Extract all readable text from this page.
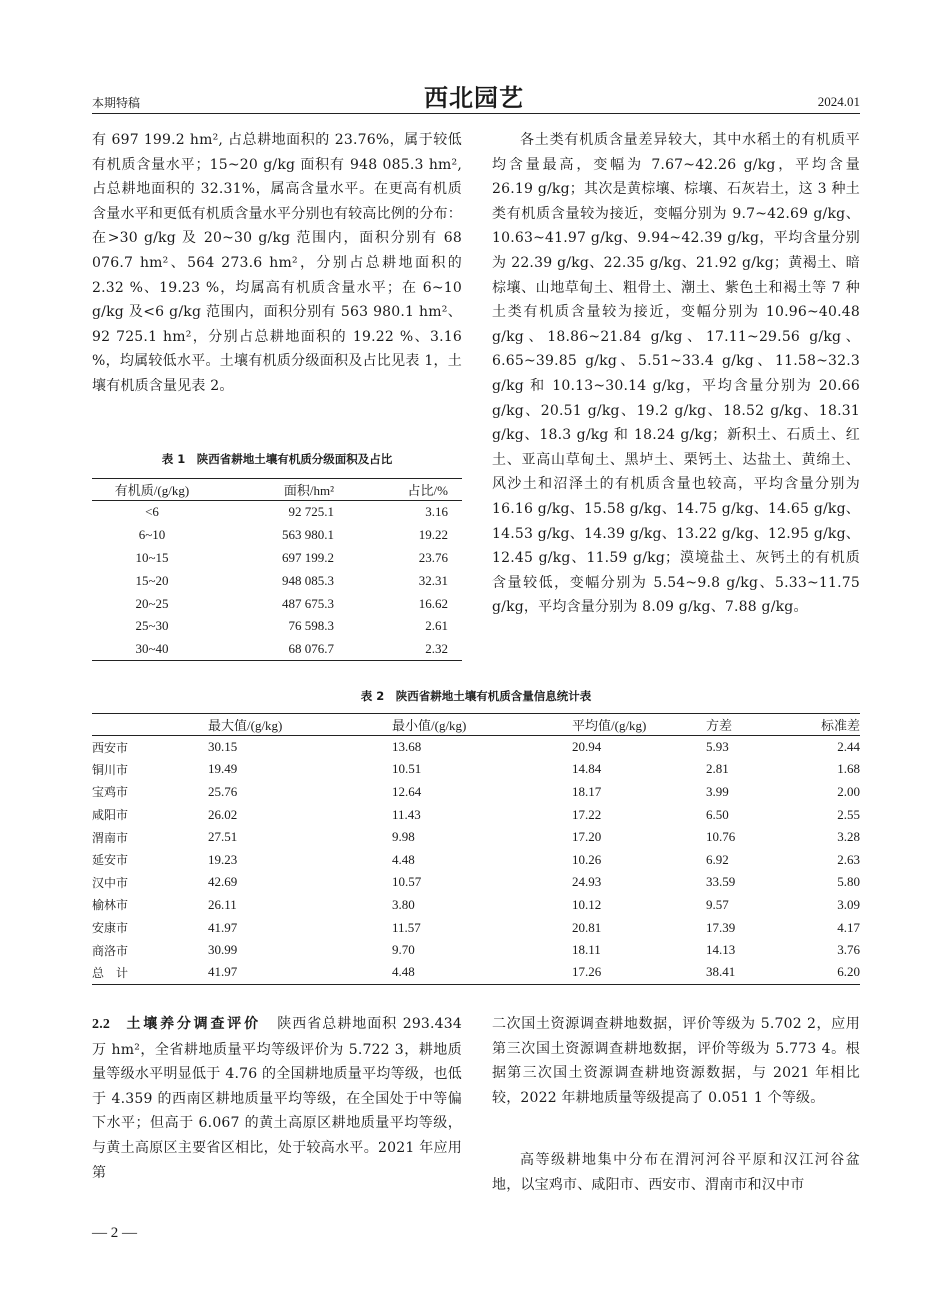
本期特稿	西北园艺	2024.01

有 697 199.2 hm², 占总耕地面积的 23.76%，属于较低有机质含量水平；15~20 g/kg 面积有 948 085.3 hm², 占总耕地面积的 32.31%，属高含量水平。在更高有机质含量水平和更低有机质含量水平分别也有较高比例的分布：在>30 g/kg 及 20~30 g/kg 范围内，面积分别有 68 076.7 hm²、564 273.6 hm²，分别占总耕地面积的 2.32 %、19.23 %，均属高有机质含量水平；在 6~10 g/kg 及<6 g/kg 范围内，面积分别有 563 980.1 hm²、92 725.1 hm²，分别占总耕地面积的 19.22 %、3.16 %，均属较低水平。土壤有机质分级面积及占比见表 1，土壤有机质含量见表 2。

各土类有机质含量差异较大，其中水稻土的有机质平均含量最高，变幅为 7.67~42.26 g/kg，平均含量 26.19 g/kg；其次是黄棕壤、棕壤、石灰岩土，这 3 种土类有机质含量较为接近，变幅分别为 9.7~42.69 g/kg、10.63~41.97 g/kg、9.94~42.39 g/kg，平均含量分别为 22.39 g/kg、22.35 g/kg、21.92 g/kg；黄褐土、暗棕壤、山地草甸土、粗骨土、潮土、紫色土和褐土等 7 种土类有机质含量较为接近，变幅分别为 10.96~40.48 g/kg、18.86~21.84 g/kg、17.11~29.56 g/kg、6.65~39.85 g/kg、5.51~33.4 g/kg、11.58~32.3 g/kg 和 10.13~30.14 g/kg，平均含量分别为 20.66 g/kg、20.51 g/kg、19.2 g/kg、18.52 g/kg、18.31 g/kg、18.3 g/kg 和 18.24 g/kg；新积土、石质土、红土、亚高山草甸土、黑垆土、栗钙土、达盐土、黄绵土、风沙土和沼泽土的有机质含量也较高，平均含量分别为 16.16 g/kg、15.58 g/kg、14.75 g/kg、14.65 g/kg、14.53 g/kg、14.39 g/kg、13.22 g/kg、12.95 g/kg、12.45 g/kg、11.59 g/kg；漠境盐土、灰钙土的有机质含量较低，变幅分别为 5.54~9.8 g/kg、5.33~11.75 g/kg，平均含量分别为 8.09 g/kg、7.88 g/kg。

表 1　陕西省耕地土壤有机质分级面积及占比
有机质/(g/kg)	面积/hm²	占比/%
<6	92 725.1	3.16
6~10	563 980.1	19.22
10~15	697 199.2	23.76
15~20	948 085.3	32.31
20~25	487 675.3	16.62
25~30	76 598.3	2.61
30~40	68 076.7	2.32
表 2　陕西省耕地土壤有机质含量信息统计表
	最大值/(g/kg)	最小值/(g/kg)	平均值/(g/kg)	方差	标准差
西安市	30.15	13.68	20.94	5.93	2.44
铜川市	19.49	10.51	14.84	2.81	1.68
宝鸡市	25.76	12.64	18.17	3.99	2.00
咸阳市	26.02	11.43	17.22	6.50	2.55
渭南市	27.51	9.98	17.20	10.76	3.28
延安市	19.23	4.48	10.26	6.92	2.63
汉中市	42.69	10.57	24.93	33.59	5.80
榆林市	26.11	3.80	10.12	9.57	3.09
安康市	41.97	11.57	20.81	17.39	4.17
商洛市	30.99	9.70	18.11	14.13	3.76
总　计	41.97	4.48	17.26	38.41	6.20
2.2 土壤养分调查评价 陕西省总耕地面积 293.434 万 hm²，全省耕地质量平均等级评价为 5.722 3，耕地质量等级水平明显低于 4.76 的全国耕地质量平均等级，也低于 4.359 的西南区耕地质量平均等级，在全国处于中等偏下水平；但高于 6.067 的黄土高原区耕地质量平均等级，与黄土高原区主要省区相比，处于较高水平。2021 年应用第

二次国土资源调查耕地数据，评价等级为 5.702 2，应用第三次国土资源调查耕地数据，评价等级为 5.773 4。根据第三次国土资源调查耕地资源数据，与 2021 年相比较，2022 年耕地质量等级提高了 0.051 1 个等级。

高等级耕地集中分布在渭河河谷平原和汉江河谷盆地，以宝鸡市、咸阳市、西安市、渭南市和汉中市

— 2 —
